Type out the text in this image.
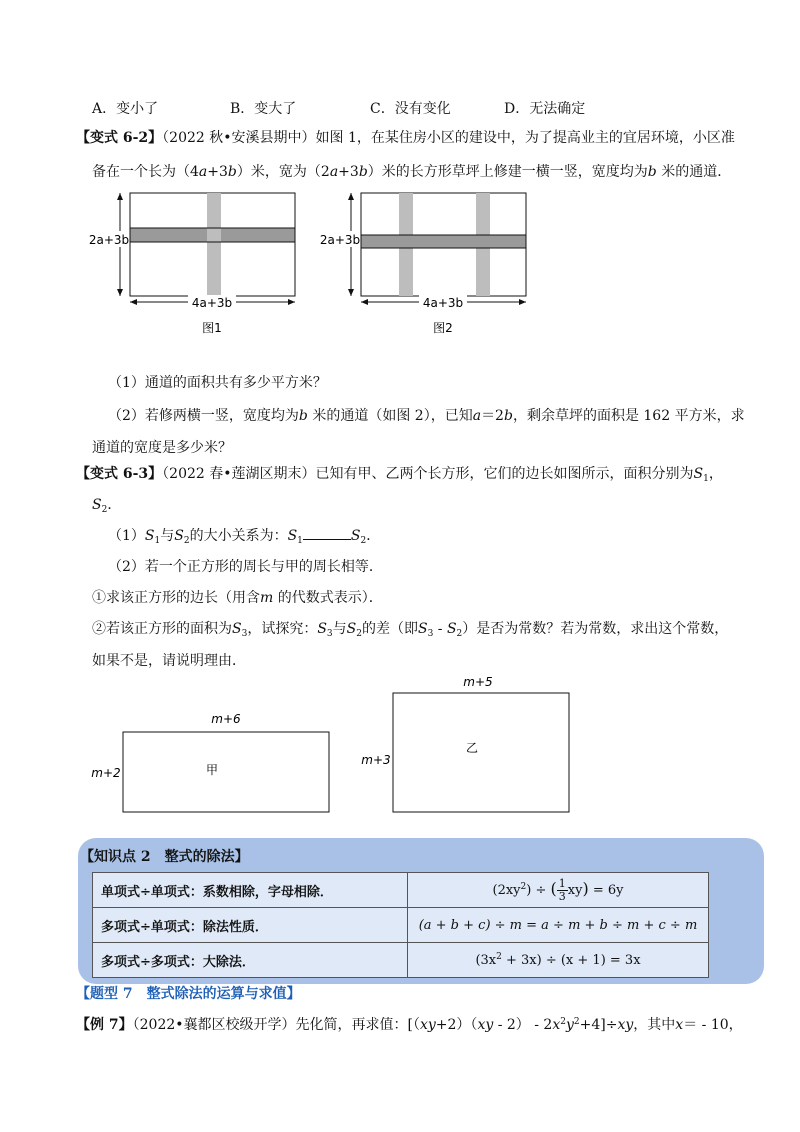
A．变小了	B．变大了	C．没有变化	D．无法确定
【变式 6-2】（2022 秋•安溪县期中）如图 1，在某住房小区的建设中，为了提高业主的宜居环境，小区准
备在一个长为（4a+3b）米，宽为（2a+3b）米的长方形草坪上修建一横一竖，宽度均为b 米的通道．
2a+3b
4a+3b
图1
2a+3b
4a+3b
图2
（1）通道的面积共有多少平方米？
（2）若修两横一竖，宽度均为b 米的通道（如图 2），已知a＝2b，剩余草坪的面积是 162 平方米，求
通道的宽度是多少米？
【变式 6-3】（2022 春•莲湖区期末）已知有甲、乙两个长方形，它们的边长如图所示，面积分别为$S_1$，
$S_2$．
$(1)S_1$与$S_2$的大小关系为：$S_1$	$S_2$．
（2）若一个正方形的周长与甲的周长相等．
①求该正方形的边长（用含m 的代数式表示）．
②若该正方形的面积为$S_3$，试探究：$S_3$与$S_2$的差（即$S_3 - S_2$）是否为常数？若为常数，求出这个常数，
如果不是，请说明理由．
m+6
m+2	甲
m+5
m+3
乙
【知识点 2　整式的除法】
单项式÷单项式：系数相除，字母相除．	$(2xy^2)$ ÷ ( $\frac{1}{3} xy) = 6y$
多项式÷单项式：除法性质．	(a + b + c) ÷ m = a ÷ m + b ÷ m + c ÷ m
多项式÷多项式：大除法．	$(3x^2 + 3x) \div (x + 1) = 3x$
【题型 7　整式除法的运算与求值】
【例 7】（2022•襄都区校级开学）先化简，再求值：$[(xy+2)(xy - 2) - 2x^2y^2+4]\div xy$，其中x＝ - 10，
